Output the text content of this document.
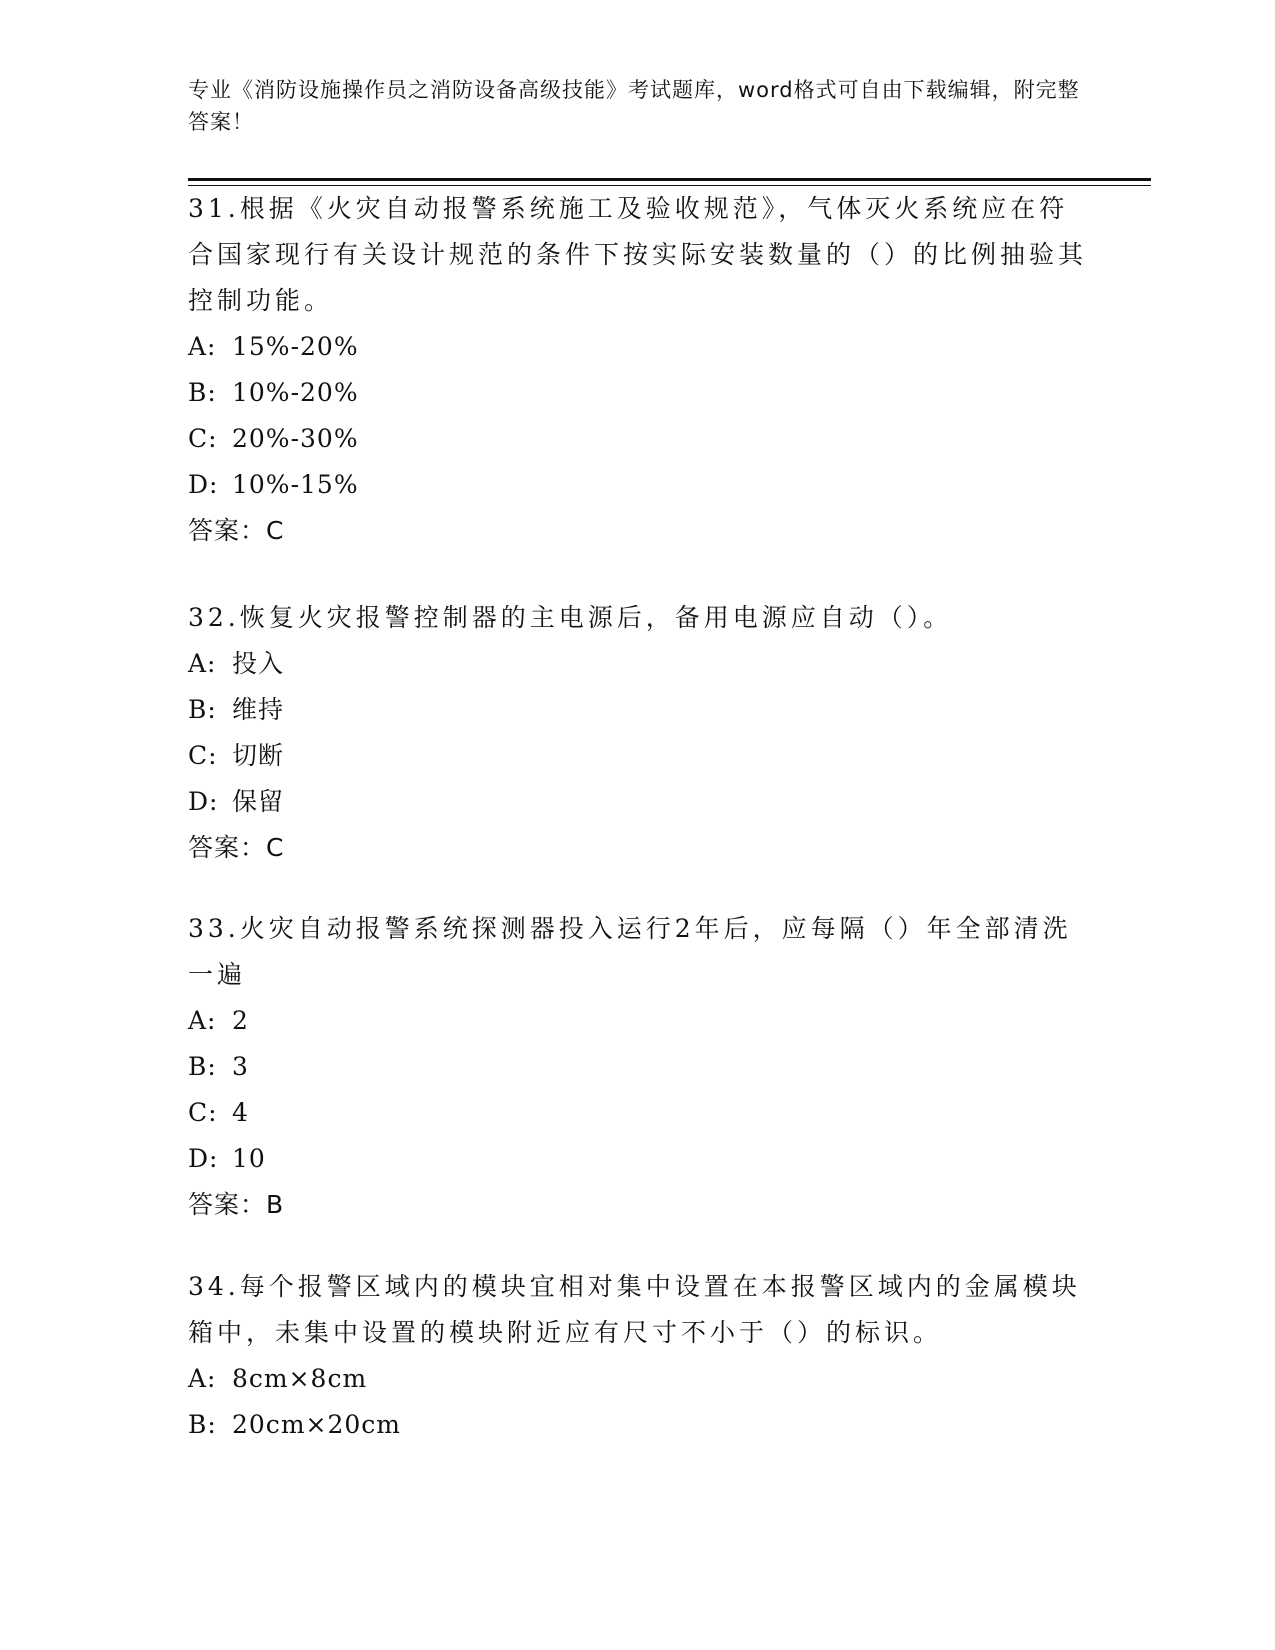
专业《消防设施操作员之消防设备高级技能》考试题库，word格式可自由下载编辑，附完整答案！

31.根据《火灾自动报警系统施工及验收规范》，气体灭火系统应在符合国家现行有关设计规范的条件下按实际安装数量的（）的比例抽验其控制功能。

A: 15%-20%

B: 10%-20%

C: 20%-30%

D: 10%-15%

答案：C

32.恢复火灾报警控制器的主电源后，备用电源应自动（）。

A: 投入

B: 维持

C: 切断

D: 保留

答案：C

33.火灾自动报警系统探测器投入运行2年后，应每隔（）年全部清洗一遍

A: 2

B: 3

C: 4

D: 10

答案：B

34.每个报警区域内的模块宜相对集中设置在本报警区域内的金属模块箱中，未集中设置的模块附近应有尺寸不小于（）的标识。

A: 8cm×8cm

B: 20cm×20cm
